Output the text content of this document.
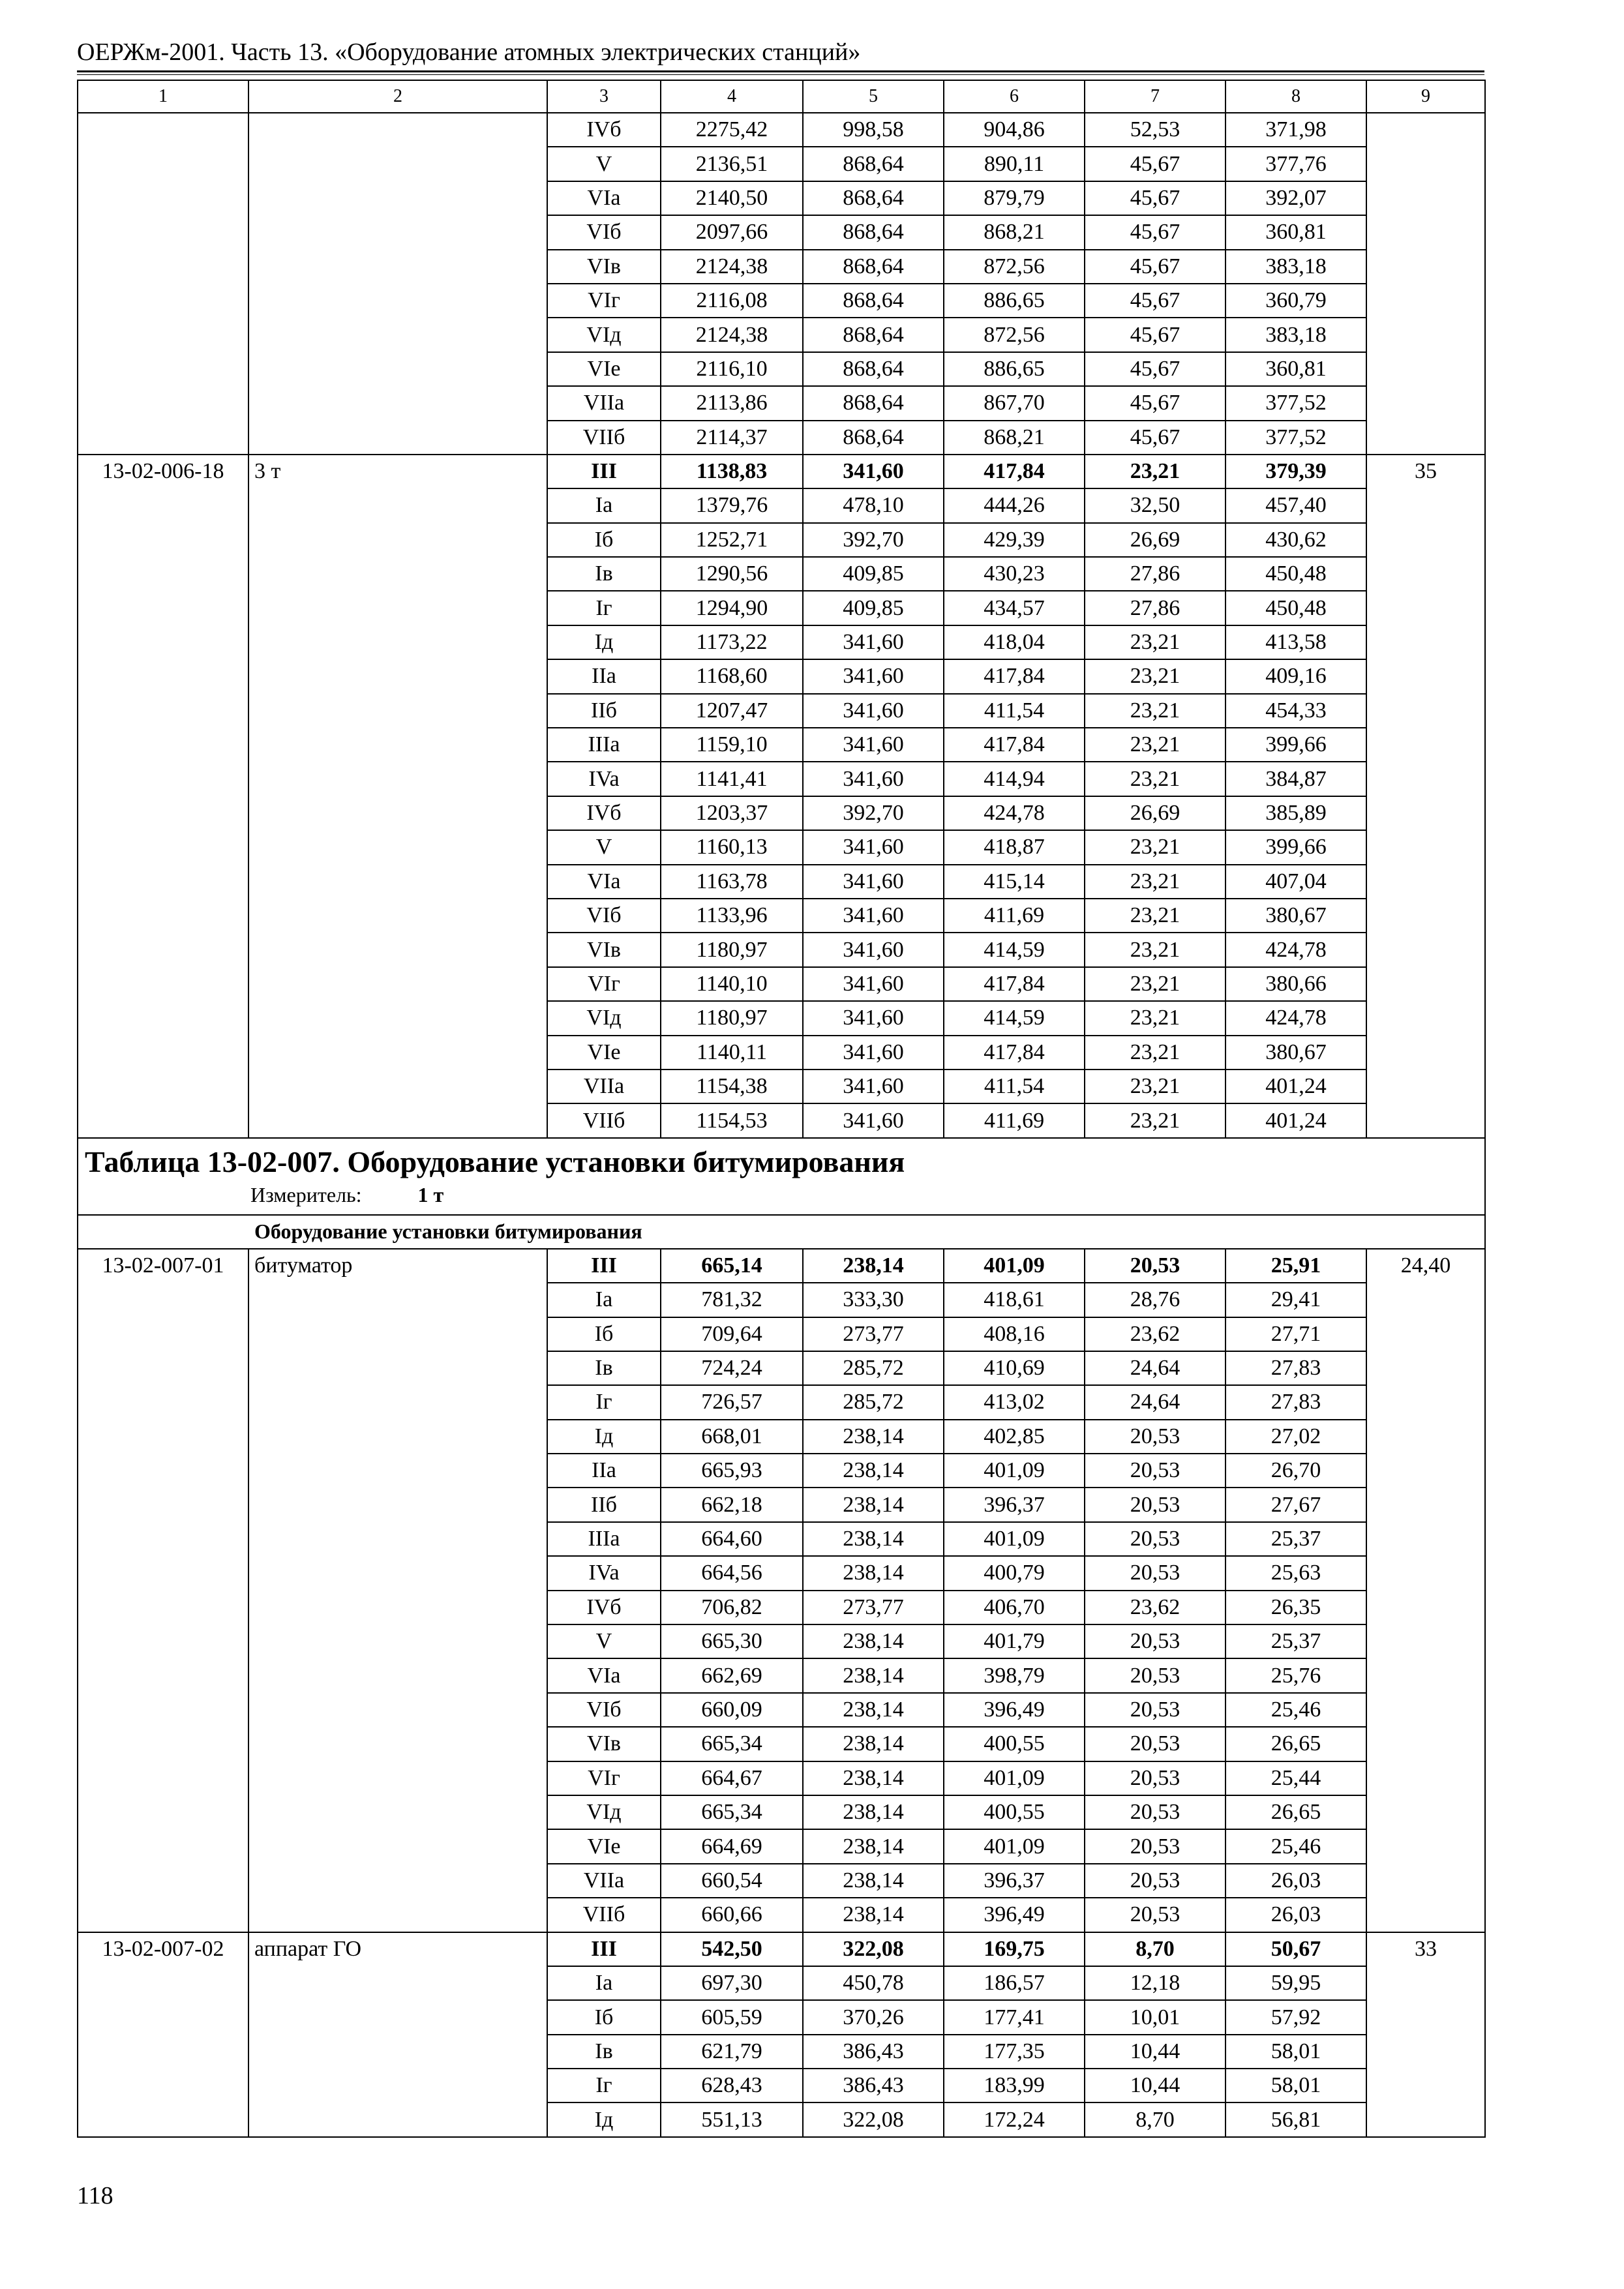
ОЕРЖм-2001. Часть 13. «Оборудование атомных электрических станций»
1	2	3	4	5	6	7	8	9
		IVб	2275,42	998,58	904,86	52,53	371,98	
		V	2136,51	868,64	890,11	45,67	377,76	
		VIa	2140,50	868,64	879,79	45,67	392,07	
		VIб	2097,66	868,64	868,21	45,67	360,81	
		VIв	2124,38	868,64	872,56	45,67	383,18	
		VIг	2116,08	868,64	886,65	45,67	360,79	
		VIд	2124,38	868,64	872,56	45,67	383,18	
		VIe	2116,10	868,64	886,65	45,67	360,81	
		VIIa	2113,86	868,64	867,70	45,67	377,52	
		VIIб	2114,37	868,64	868,21	45,67	377,52	
13-02-006-18	3 т	III	1138,83	341,60	417,84	23,21	379,39	35
		Ia	1379,76	478,10	444,26	32,50	457,40	
		Iб	1252,71	392,70	429,39	26,69	430,62	
		Iв	1290,56	409,85	430,23	27,86	450,48	
		Iг	1294,90	409,85	434,57	27,86	450,48	
		Iд	1173,22	341,60	418,04	23,21	413,58	
		IIa	1168,60	341,60	417,84	23,21	409,16	
		IIб	1207,47	341,60	411,54	23,21	454,33	
		IIIa	1159,10	341,60	417,84	23,21	399,66	
		IVa	1141,41	341,60	414,94	23,21	384,87	
		IVб	1203,37	392,70	424,78	26,69	385,89	
		V	1160,13	341,60	418,87	23,21	399,66	
		VIa	1163,78	341,60	415,14	23,21	407,04	
		VIб	1133,96	341,60	411,69	23,21	380,67	
		VIв	1180,97	341,60	414,59	23,21	424,78	
		VIг	1140,10	341,60	417,84	23,21	380,66	
		VIд	1180,97	341,60	414,59	23,21	424,78	
		VIe	1140,11	341,60	417,84	23,21	380,67	
		VIIa	1154,38	341,60	411,54	23,21	401,24	
		VIIб	1154,53	341,60	411,69	23,21	401,24	

Таблица 13-02-007. Оборудование установки битумирования
Измеритель: 1 т								

Оборудование установки битумирования								
13-02-007-01	битуматор	III	665,14	238,14	401,09	20,53	25,91	24,40
		Ia	781,32	333,30	418,61	28,76	29,41	
		Iб	709,64	273,77	408,16	23,62	27,71	
		Iв	724,24	285,72	410,69	24,64	27,83	
		Iг	726,57	285,72	413,02	24,64	27,83	
		Iд	668,01	238,14	402,85	20,53	27,02	
		IIa	665,93	238,14	401,09	20,53	26,70	
		IIб	662,18	238,14	396,37	20,53	27,67	
		IIIa	664,60	238,14	401,09	20,53	25,37	
		IVa	664,56	238,14	400,79	20,53	25,63	
		IVб	706,82	273,77	406,70	23,62	26,35	
		V	665,30	238,14	401,79	20,53	25,37	
		VIa	662,69	238,14	398,79	20,53	25,76	
		VIб	660,09	238,14	396,49	20,53	25,46	
		VIв	665,34	238,14	400,55	20,53	26,65	
		VIг	664,67	238,14	401,09	20,53	25,44	
		VIд	665,34	238,14	400,55	20,53	26,65	
		VIe	664,69	238,14	401,09	20,53	25,46	
		VIIa	660,54	238,14	396,37	20,53	26,03	
		VIIб	660,66	238,14	396,49	20,53	26,03	
13-02-007-02	аппарат ГО	III	542,50	322,08	169,75	8,70	50,67	33
		Ia	697,30	450,78	186,57	12,18	59,95	
		Iб	605,59	370,26	177,41	10,01	57,92	
		Iв	621,79	386,43	177,35	10,44	58,01	
		Iг	628,43	386,43	183,99	10,44	58,01	
		Iд	551,13	322,08	172,24	8,70	56,81	
118
